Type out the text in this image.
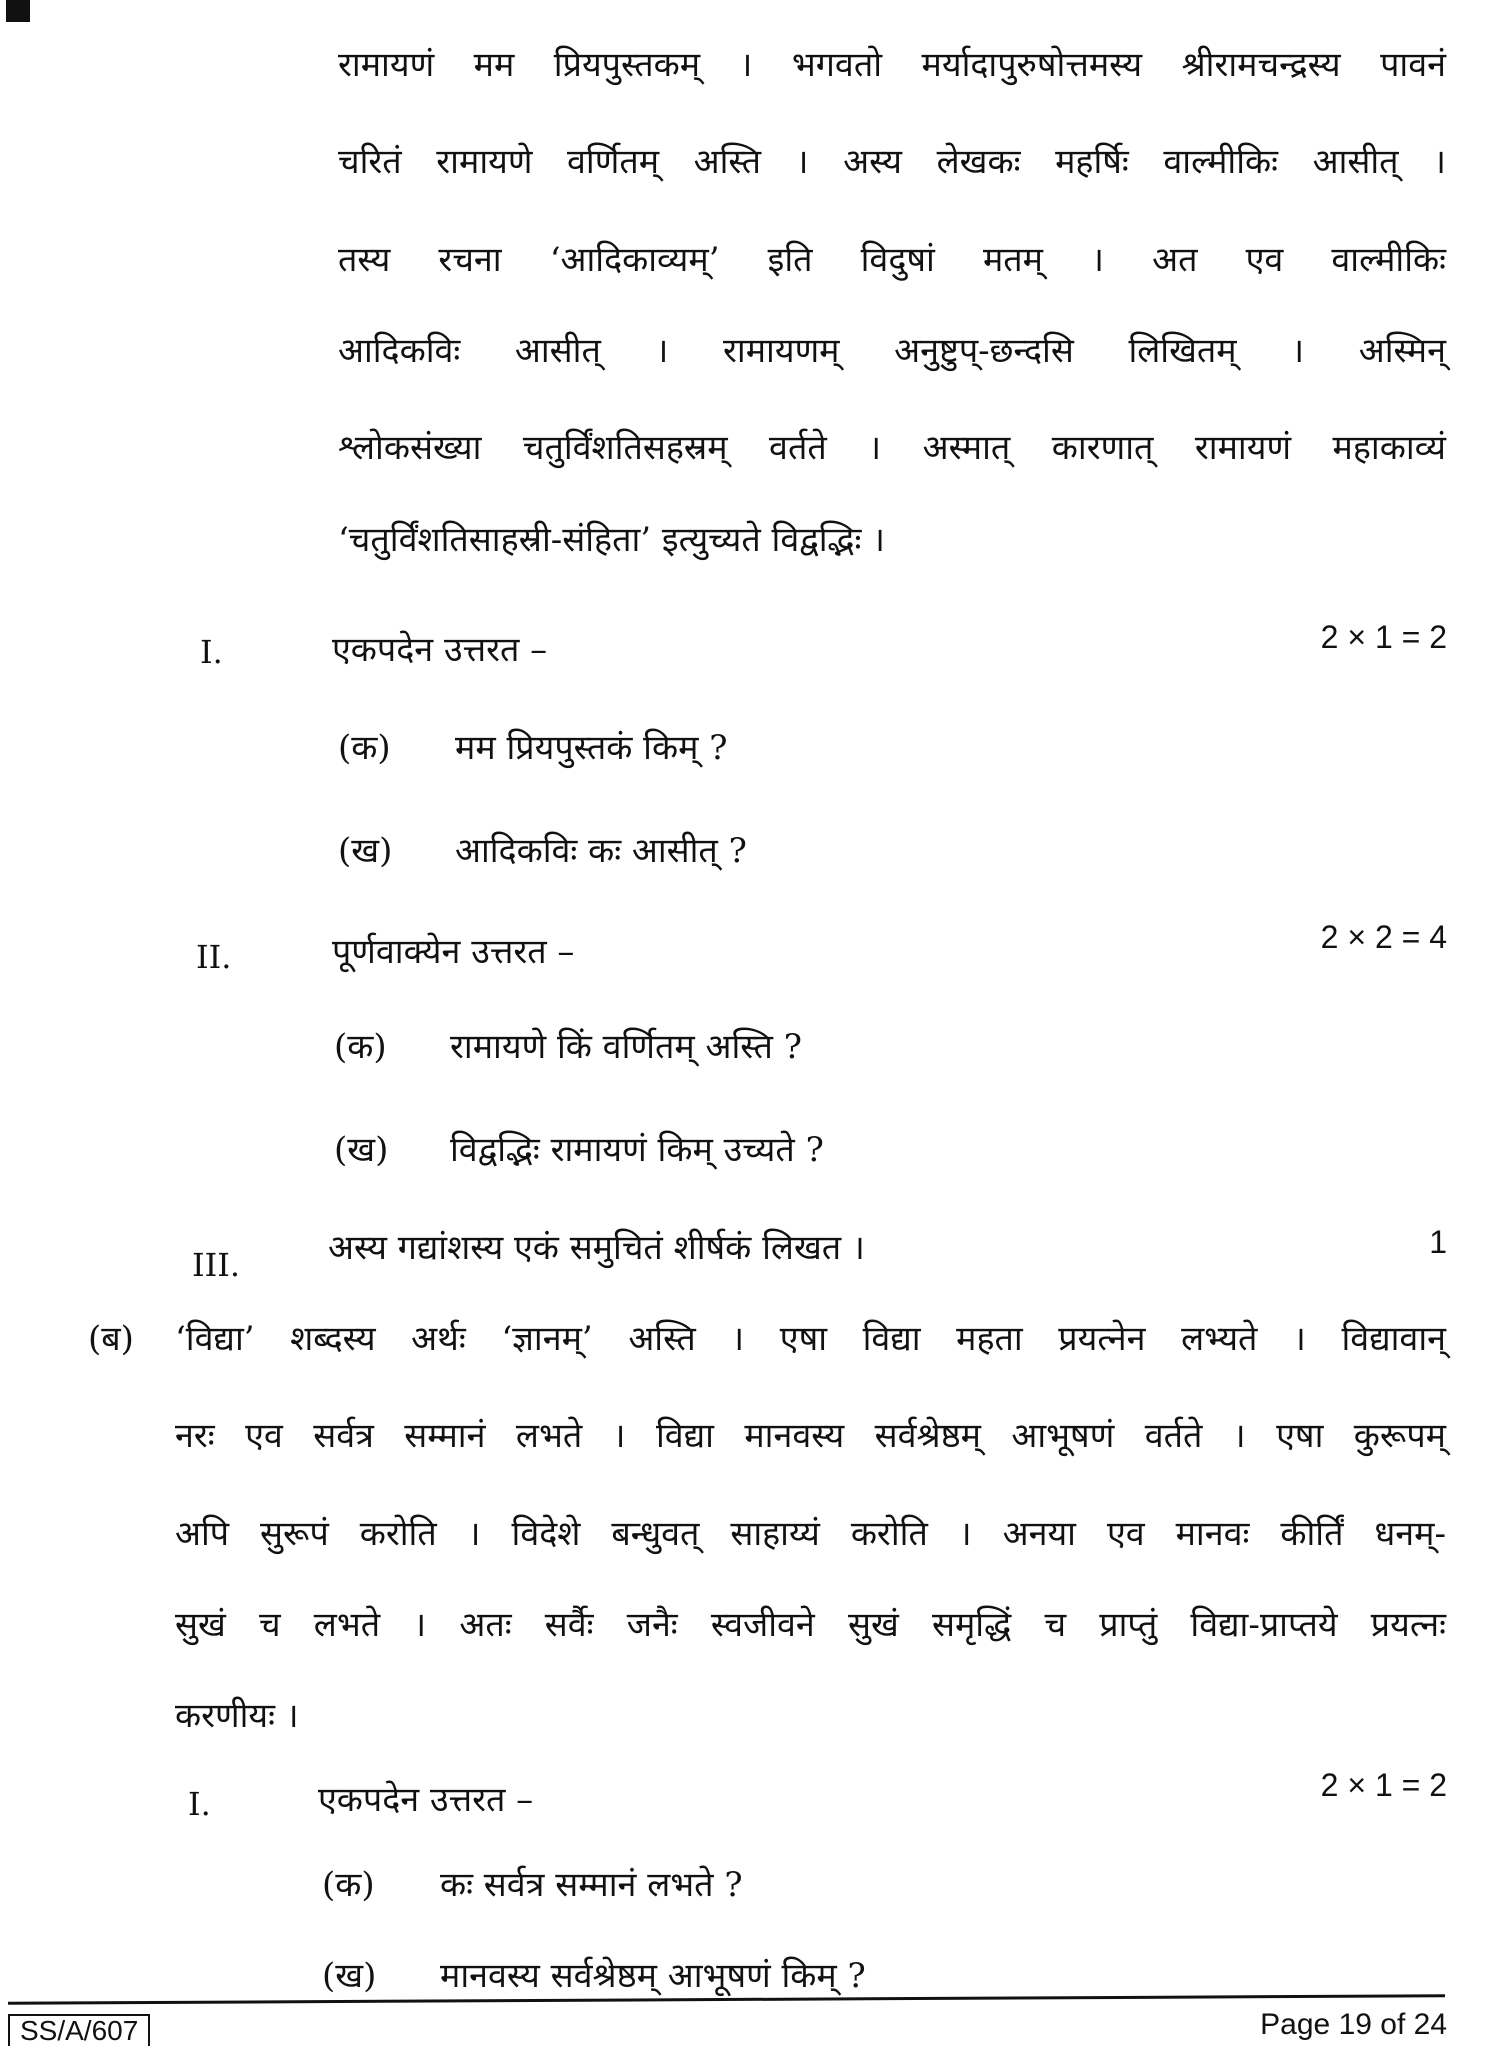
रामायणं मम प्रियपुस्तकम् । भगवतो मर्यादापुरुषोत्तमस्य श्रीरामचन्द्रस्य पावनं
चरितं रामायणे वर्णितम् अस्ति । अस्य लेखकः महर्षिः वाल्मीकिः आसीत् ।
तस्य रचना ‘आदिकाव्यम्’ इति विदुषां मतम् । अत एव वाल्मीकिः
आदिकविः आसीत् । रामायणम् अनुष्टुप्-छन्दसि लिखितम् । अस्मिन्
श्लोकसंख्या चतुर्विंशतिसहस्रम् वर्तते । अस्मात् कारणात् रामायणं महाकाव्यं
‘चतुर्विंशतिसाहस्री-संहिता’ इत्युच्यते विद्वद्भिः ।
I.	एकपदेन उत्तरत –	2 × 1 = 2
(क) मम प्रियपुस्तकं किम् ?
(ख) आदिकविः कः आसीत् ?
II.	पूर्णवाक्येन उत्तरत –	2 × 2 = 4
(क) रामायणे किं वर्णितम् अस्ति ?
(ख) विद्वद्भिः रामायणं किम् उच्यते ?
III.	अस्य गद्यांशस्य एकं समुचितं शीर्षकं लिखत ।	1
(ब) ‘विद्या’ शब्दस्य अर्थः ‘ज्ञानम्’ अस्ति । एषा विद्या महता प्रयत्नेन लभ्यते । विद्यावान्
नरः एव सर्वत्र सम्मानं लभते । विद्या मानवस्य सर्वश्रेष्ठम् आभूषणं वर्तते । एषा कुरूपम्
अपि सुरूपं करोति । विदेशे बन्धुवत् साहाय्यं करोति । अनया एव मानवः कीर्तिं धनम्-
सुखं च लभते । अतः सर्वैः जनैः स्वजीवने सुखं समृद्धिं च प्राप्तुं विद्या-प्राप्तये प्रयत्नः
करणीयः ।
I.	एकपदेन उत्तरत –	2 × 1 = 2
(क) कः सर्वत्र सम्मानं लभते ?
(ख) मानवस्य सर्वश्रेष्ठम् आभूषणं किम् ?
SS/A/607	Page 19 of 24
